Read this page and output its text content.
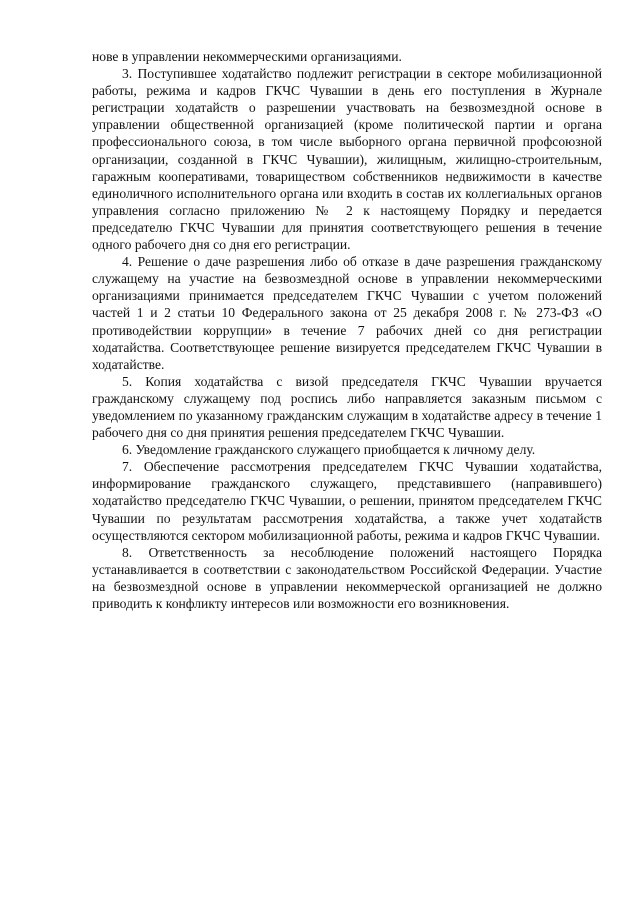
нове в управлении некоммерческими организациями.

3. Поступившее ходатайство подлежит регистрации в секторе мобилизационной работы, режима и кадров ГКЧС Чувашии в день его поступления в Журнале регистрации ходатайств о разрешении участвовать на безвозмездной основе в управлении общественной организацией (кроме политической партии и органа профессионального союза, в том числе выборного органа первичной профсоюзной организации, созданной в ГКЧС Чувашии), жилищным, жилищно-строительным, гаражным кооперативами, товариществом собственников недвижимости в качестве единоличного исполнительного органа или входить в состав их коллегиальных органов управления согласно приложению № 2 к настоящему Порядку и передается председателю ГКЧС Чувашии для принятия соответствующего решения в течение одного рабочего дня со дня его регистрации.

4. Решение о даче разрешения либо об отказе в даче разрешения гражданскому служащему на участие на безвозмездной основе в управлении некоммерческими организациями принимается председателем ГКЧС Чувашии с учетом положений частей 1 и 2 статьи 10 Федерального закона от 25 декабря 2008 г. № 273-ФЗ «О противодействии коррупции» в течение 7 рабочих дней со дня регистрации ходатайства. Соответствующее решение визируется председателем ГКЧС Чувашии в ходатайстве.

5. Копия ходатайства с визой председателя ГКЧС Чувашии вручается гражданскому служащему под роспись либо направляется заказным письмом с уведомлением по указанному гражданским служащим в ходатайстве адресу в течение 1 рабочего дня со дня принятия решения председателем ГКЧС Чувашии.

6. Уведомление гражданского служащего приобщается к личному делу.

7. Обеспечение рассмотрения председателем ГКЧС Чувашии ходатайства, информирование гражданского служащего, представившего (направившего) ходатайство председателю ГКЧС Чувашии, о решении, принятом председателем ГКЧС Чувашии по результатам рассмотрения ходатайства, а также учет ходатайств осуществляются сектором мобилизационной работы, режима и кадров ГКЧС Чувашии.

8. Ответственность за несоблюдение положений настоящего Порядка устанавливается в соответствии с законодательством Российской Федерации. Участие на безвозмездной основе в управлении некоммерческой организацией не должно приводить к конфликту интересов или возможности его возникновения.
